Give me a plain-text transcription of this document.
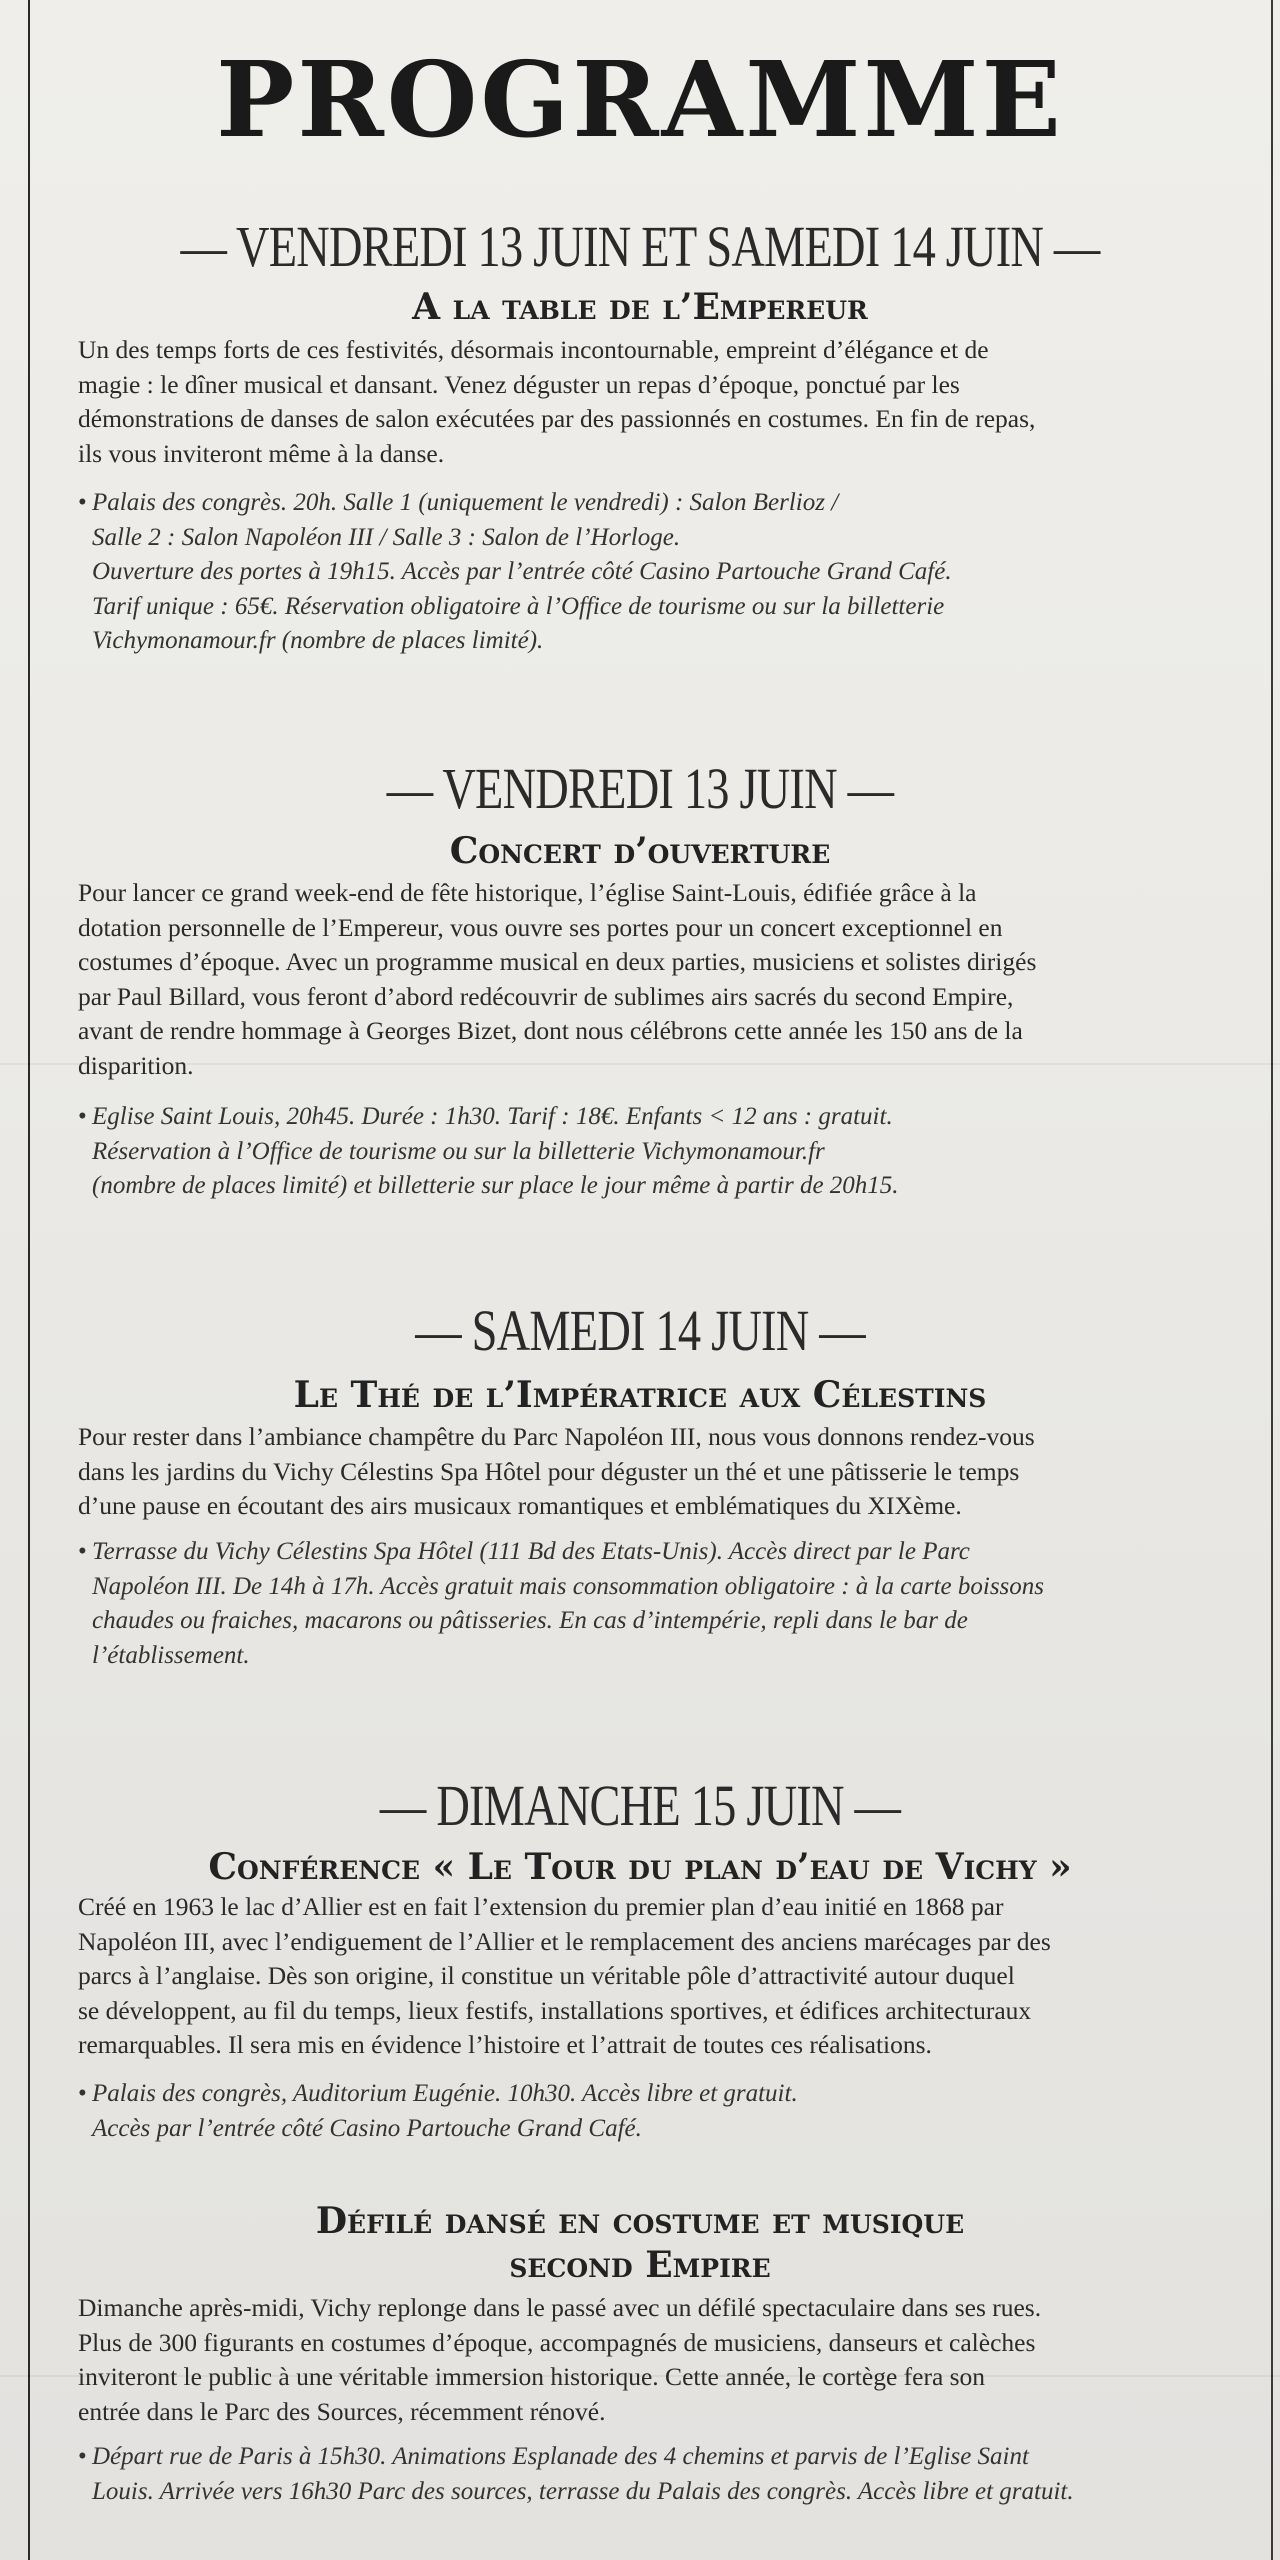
PROGRAMME
— VENDREDI 13 JUIN ET SAMEDI 14 JUIN —
A la table de l’Empereur

Un des temps forts de ces festivités, désormais incontournable, empreint d’élégance et de
magie : le dîner musical et dansant. Venez déguster un repas d’époque, ponctué par les
démonstrations de danses de salon exécutées par des passionnés en costumes. En fin de repas,
ils vous inviteront même à la danse.

• Palais des congrès. 20h. Salle 1 (uniquement le vendredi) : Salon Berlioz /
Salle 2 : Salon Napoléon III / Salle 3 : Salon de l’Horloge.
Ouverture des portes à 19h15. Accès par l’entrée côté Casino Partouche Grand Café.
Tarif unique : 65€. Réservation obligatoire à l’Office de tourisme ou sur la billetterie
Vichymonamour.fr (nombre de places limité).

— VENDREDI 13 JUIN —
Concert d’ouverture

Pour lancer ce grand week-end de fête historique, l’église Saint-Louis, édifiée grâce à la
dotation personnelle de l’Empereur, vous ouvre ses portes pour un concert exceptionnel en
costumes d’époque. Avec un programme musical en deux parties, musiciens et solistes dirigés
par Paul Billard, vous feront d’abord redécouvrir de sublimes airs sacrés du second Empire,
avant de rendre hommage à Georges Bizet, dont nous célébrons cette année les 150 ans de la
disparition.

• Eglise Saint Louis, 20h45. Durée : 1h30. Tarif : 18€. Enfants < 12 ans : gratuit.
Réservation à l’Office de tourisme ou sur la billetterie Vichymonamour.fr
(nombre de places limité) et billetterie sur place le jour même à partir de 20h15.

— SAMEDI 14 JUIN —
Le Thé de l’Impératrice aux Célestins

Pour rester dans l’ambiance champêtre du Parc Napoléon III, nous vous donnons rendez-vous
dans les jardins du Vichy Célestins Spa Hôtel pour déguster un thé et une pâtisserie le temps
d’une pause en écoutant des airs musicaux romantiques et emblématiques du XIXème.

• Terrasse du Vichy Célestins Spa Hôtel (111 Bd des Etats-Unis). Accès direct par le Parc
Napoléon III. De 14h à 17h. Accès gratuit mais consommation obligatoire : à la carte boissons
chaudes ou fraiches, macarons ou pâtisseries. En cas d’intempérie, repli dans le bar de
l’établissement.

— DIMANCHE 15 JUIN —
Conférence « Le Tour du plan d’eau de Vichy »

Créé en 1963 le lac d’Allier est en fait l’extension du premier plan d’eau initié en 1868 par
Napoléon III, avec l’endiguement de l’Allier et le remplacement des anciens marécages par des
parcs à l’anglaise. Dès son origine, il constitue un véritable pôle d’attractivité autour duquel
se développent, au fil du temps, lieux festifs, installations sportives, et édifices architecturaux
remarquables. Il sera mis en évidence l’histoire et l’attrait de toutes ces réalisations.

• Palais des congrès, Auditorium Eugénie. 10h30. Accès libre et gratuit.
Accès par l’entrée côté Casino Partouche Grand Café.

Défilé dansé en costume et musique
second Empire

Dimanche après-midi, Vichy replonge dans le passé avec un défilé spectaculaire dans ses rues.
Plus de 300 figurants en costumes d’époque, accompagnés de musiciens, danseurs et calèches
inviteront le public à une véritable immersion historique. Cette année, le cortège fera son
entrée dans le Parc des Sources, récemment rénové.

• Départ rue de Paris à 15h30. Animations Esplanade des 4 chemins et parvis de l’Eglise Saint
Louis. Arrivée vers 16h30 Parc des sources, terrasse du Palais des congrès. Accès libre et gratuit.
